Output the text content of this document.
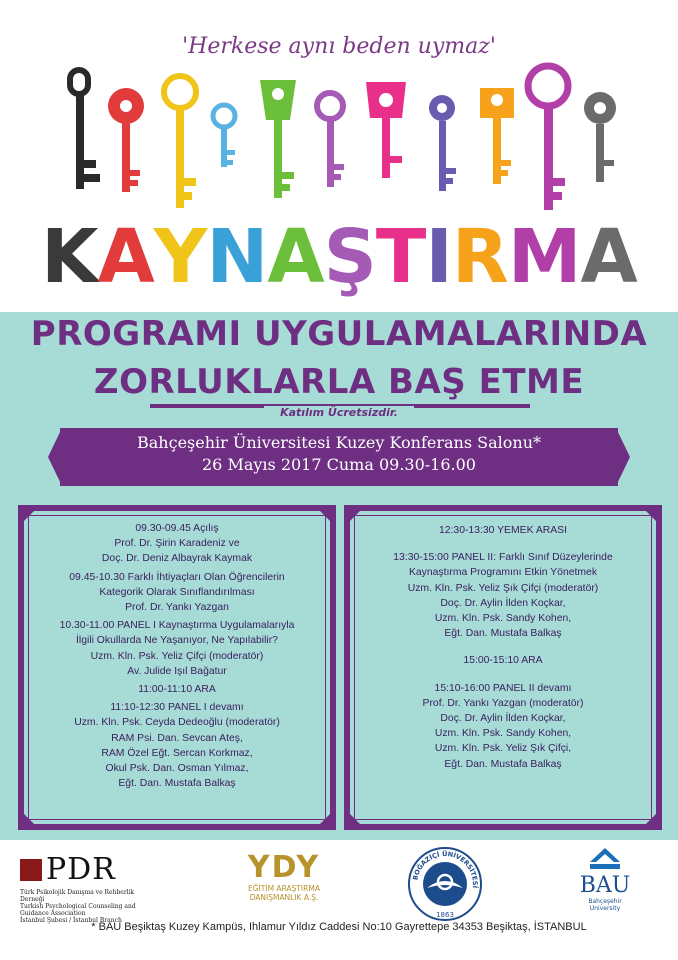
'Herkese aynı beden uymaz'
KAYNAŞTIRMA
PROGRAMI UYGULAMALARINDA
ZORLUKLARLA BAŞ ETME
Katılım Ücretsizdir.
Bahçeşehir Üniversitesi Kuzey Konferans Salonu*
26 Mayıs 2017 Cuma 09.30-16.00
09.30-09.45 Açılış
Prof. Dr. Şirin Karadeniz ve
Doç. Dr. Deniz Albayrak Kaymak
09.45-10.30 Farklı İhtiyaçları Olan Öğrencilerin
Kategorik Olarak Sınıflandırılması
Prof. Dr. Yankı Yazgan
10.30-11.00 PANEL I Kaynaştırma Uygulamalarıyla
İlgili Okullarda Ne Yaşanıyor, Ne Yapılabilir?
Uzm. Kln. Psk. Yeliz Çifçi (moderatör)
Av. Julide Işıl Bağatur
11:00-11:10 ARA
11:10-12:30 PANEL I devamı
Uzm. Kln. Psk. Ceyda Dedeoğlu (moderatör)
RAM Psi. Dan. Sevcan Ateş,
RAM Özel Eğt. Sercan Korkmaz,
Okul Psk. Dan. Osman Yılmaz,
Eğt. Dan. Mustafa Balkaş
12:30-13:30 YEMEK ARASI
13:30-15:00 PANEL II: Farklı Sınıf Düzeylerinde
Kaynaştırma Programını Etkin Yönetmek
Uzm. Kln. Psk. Yeliz Şık Çifçi (moderatör)
Doç. Dr. Aylin İlden Koçkar,
Uzm. Kln. Psk. Sandy Kohen,
Eğt. Dan. Mustafa Balkaş
15:00-15:10 ARA
15:10-16:00 PANEL II devamı
Prof. Dr. Yankı Yazgan (moderatör)
Doç. Dr. Aylin İlden Koçkar,
Uzm. Kln. Psk. Sandy Kohen,
Uzm. Kln. Psk. Yeliz Şık Çifçi,
Eğt. Dan. Mustafa Balkaş
PDR
Türk Psikolojik Danışma ve Rehberlik Derneği
Turkish Psychological Counseling and Guidance Association
İstanbul Şubesi / İstanbul Branch
YDY
EĞİTİM ARAŞTIRMA
DANIŞMANLIK A.Ş.
BOĞAZİÇİ ÜNİVERSİTESİ
1863
BAU
Bahçeşehir University
* BAU Beşiktaş Kuzey Kampüs, Ihlamur Yıldız Caddesi No:10 Gayrettepe 34353 Beşiktaş, İSTANBUL
